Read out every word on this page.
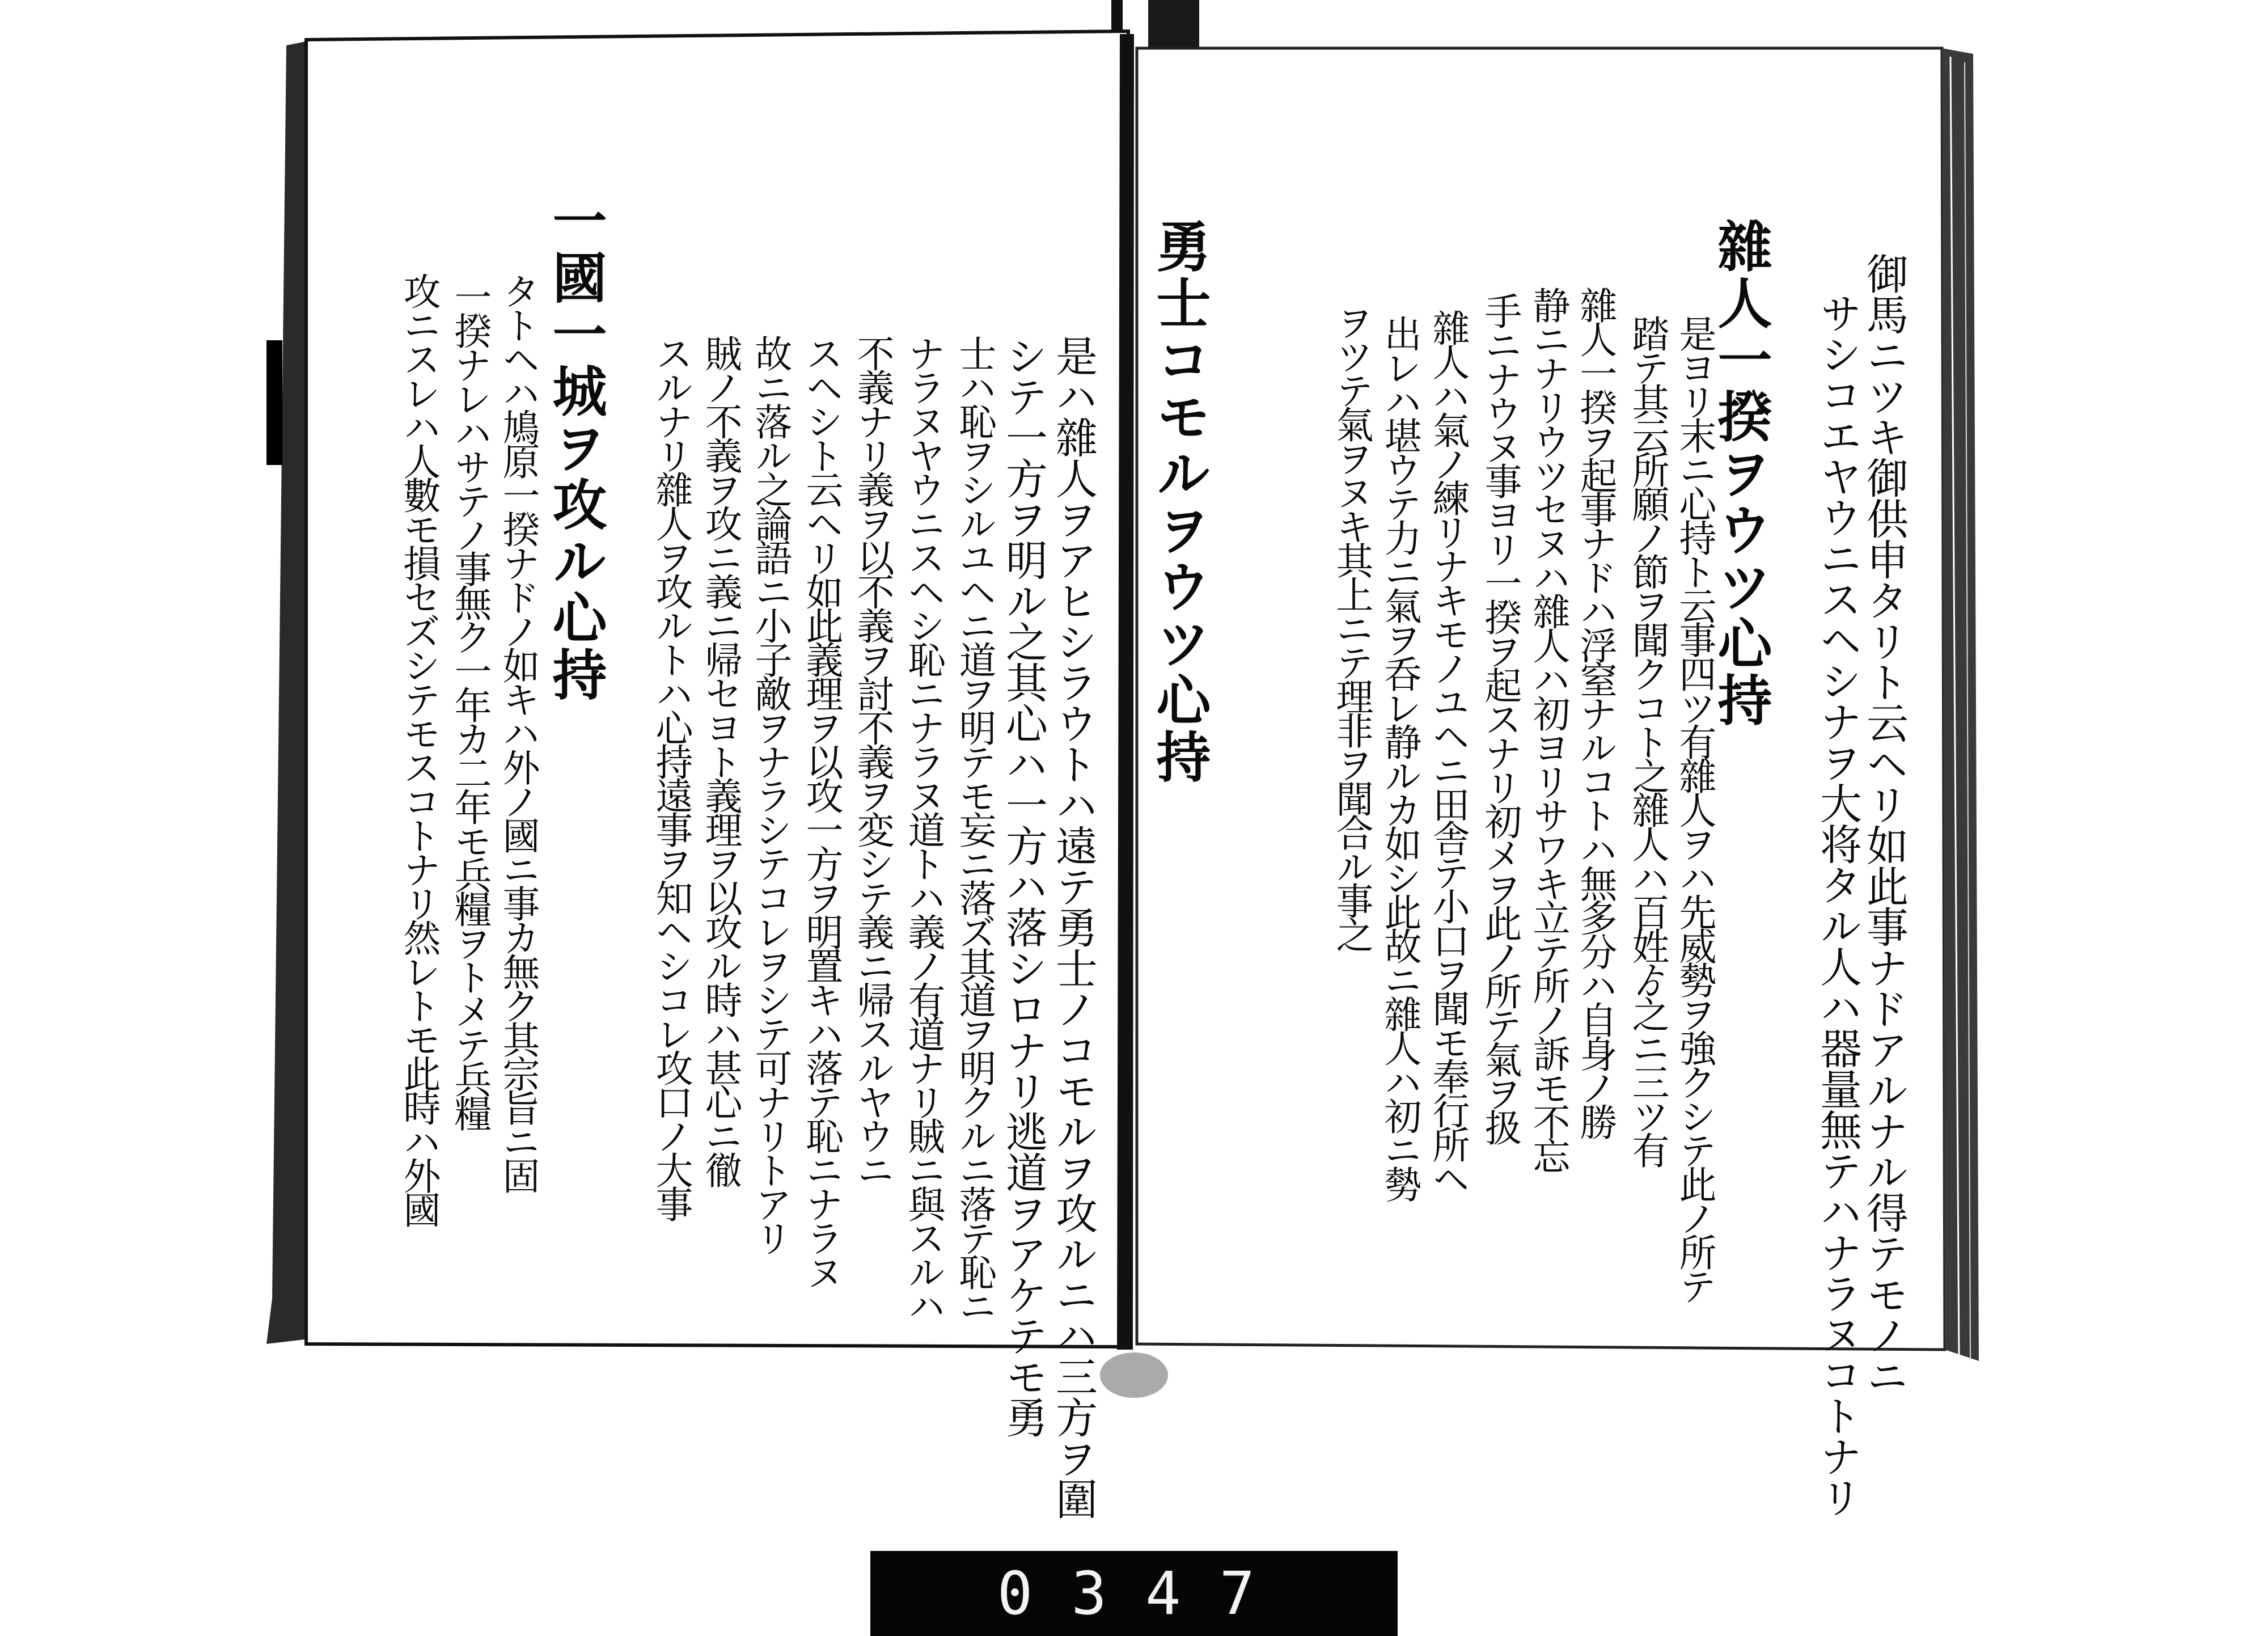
御馬ニツキ御供申タリト云ヘリ如此事ナドアルナル得テモノニ
サシコエヤウニスヘシナヲ大将タル人ハ器量無テハナラヌコトナリ
雜人一揆ヲウツ心持
是ヨリ末ニ心持ト云事四ツ有雜人ヲハ先威勢ヲ強クシテ此ノ所テ
踏テ其云所願ノ節ヲ聞クコト之雜人ハ百姓ゟ之ニ三ツ有
雜人一揆ヲ起事ナドハ浮窒ナルコトハ無多分ハ自身ノ勝
静ニナリウツセヌハ雜人ハ初ヨリサワキ立テ所ノ訴モ不忘
手ニナウヌ事ヨリ一揆ヲ起スナリ初メヲ此ノ所テ氣ヲ扱
雜人ハ氣ノ練リナキモノユヘニ田舎テ小口ヲ聞モ奉行所ヘ
出レハ堪ウテ力ニ氣ヲ呑レ静ルカ如シ此故ニ雜人ハ初ニ勢
ヲツテ氣ヲヌキ其上ニテ理非ヲ聞合ル事之
勇士コモルヲウツ心持
是ハ雜人ヲアヒシラウトハ遠テ勇士ノコモルヲ攻ルニハ三方ヲ圍
シテ一方ヲ明ル之其心ハ一方ハ落シロナリ逃道ヲアケテモ勇
士ハ恥ヲシルユヘニ道ヲ明テモ妄ニ落ズ其道ヲ明クルニ落テ恥ニ
ナラヌヤウニスヘシ恥ニナラヌ道トハ義ノ有道ナリ賊ニ與スルハ
不義ナリ義ヲ以不義ヲ討不義ヲ変シテ義ニ帰スルヤウニ
スヘシト云ヘリ如此義理ヲ以攻一方ヲ明置キハ落テ恥ニナラヌ
故ニ落ル之論語ニ小子敵ヲナラシテコレヲシテ可ナリトアリ
賊ノ不義ヲ攻ニ義ニ帰セヨト義理ヲ以攻ル時ハ甚心ニ徹
スルナリ雜人ヲ攻ルトハ心持遠事ヲ知ヘシコレ攻口ノ大事
一國一城ヲ攻ル心持
タトヘハ鳩原一揆ナドノ如キハ外ノ國ニ事カ無ク其宗旨ニ固
一揆ナレハサテノ事無ク一年カ二年モ兵糧ヲトメテ兵糧
攻ニスレハ人數モ損セズシテモスコトナリ然レトモ此時ハ外國
0347
